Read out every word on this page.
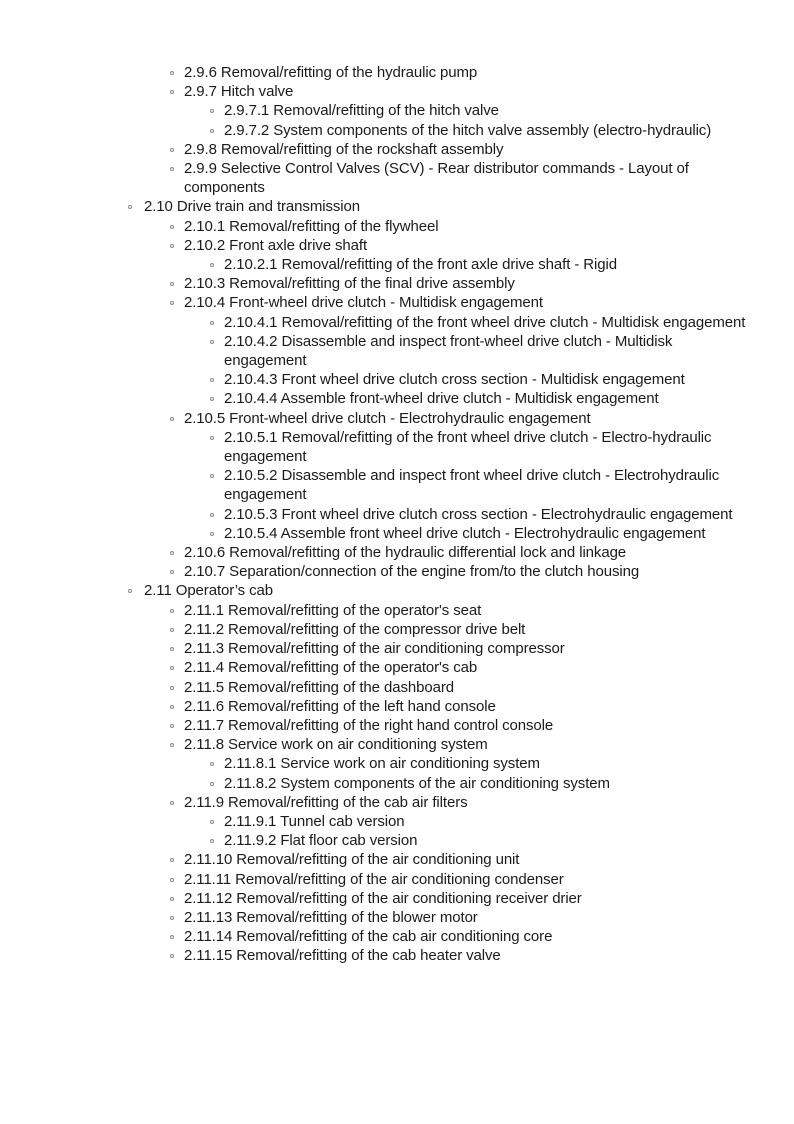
2.9.6 Removal/refitting of the hydraulic pump
2.9.7 Hitch valve
2.9.7.1 Removal/refitting of the hitch valve
2.9.7.2 System components of the hitch valve assembly (electro-hydraulic)
2.9.8 Removal/refitting of the rockshaft assembly
2.9.9 Selective Control Valves (SCV) - Rear distributor commands - Layout of components
2.10 Drive train and transmission
2.10.1 Removal/refitting of the flywheel
2.10.2 Front axle drive shaft
2.10.2.1 Removal/refitting of the front axle drive shaft - Rigid
2.10.3 Removal/refitting of the final drive assembly
2.10.4 Front-wheel drive clutch - Multidisk engagement
2.10.4.1 Removal/refitting of the front wheel drive clutch - Multidisk engagement
2.10.4.2 Disassemble and inspect front-wheel drive clutch - Multidisk engagement
2.10.4.3 Front wheel drive clutch cross section - Multidisk engagement
2.10.4.4 Assemble front-wheel drive clutch - Multidisk engagement
2.10.5 Front-wheel drive clutch - Electrohydraulic engagement
2.10.5.1 Removal/refitting of the front wheel drive clutch - Electro-hydraulic engagement
2.10.5.2 Disassemble and inspect front wheel drive clutch - Electrohydraulic engagement
2.10.5.3 Front wheel drive clutch cross section - Electrohydraulic engagement
2.10.5.4 Assemble front wheel drive clutch - Electrohydraulic engagement
2.10.6 Removal/refitting of the hydraulic differential lock and linkage
2.10.7 Separation/connection of the engine from/to the clutch housing
2.11 Operator’s cab
2.11.1 Removal/refitting of the operator's seat
2.11.2 Removal/refitting of the compressor drive belt
2.11.3 Removal/refitting of the air conditioning compressor
2.11.4 Removal/refitting of the operator's cab
2.11.5 Removal/refitting of the dashboard
2.11.6 Removal/refitting of the left hand console
2.11.7 Removal/refitting of the right hand control console
2.11.8 Service work on air conditioning system
2.11.8.1 Service work on air conditioning system
2.11.8.2 System components of the air conditioning system
2.11.9 Removal/refitting of the cab air filters
2.11.9.1 Tunnel cab version
2.11.9.2 Flat floor cab version
2.11.10 Removal/refitting of the air conditioning unit
2.11.11 Removal/refitting of the air conditioning condenser
2.11.12 Removal/refitting of the air conditioning receiver drier
2.11.13 Removal/refitting of the blower motor
2.11.14 Removal/refitting of the cab air conditioning core
2.11.15 Removal/refitting of the cab heater valve
